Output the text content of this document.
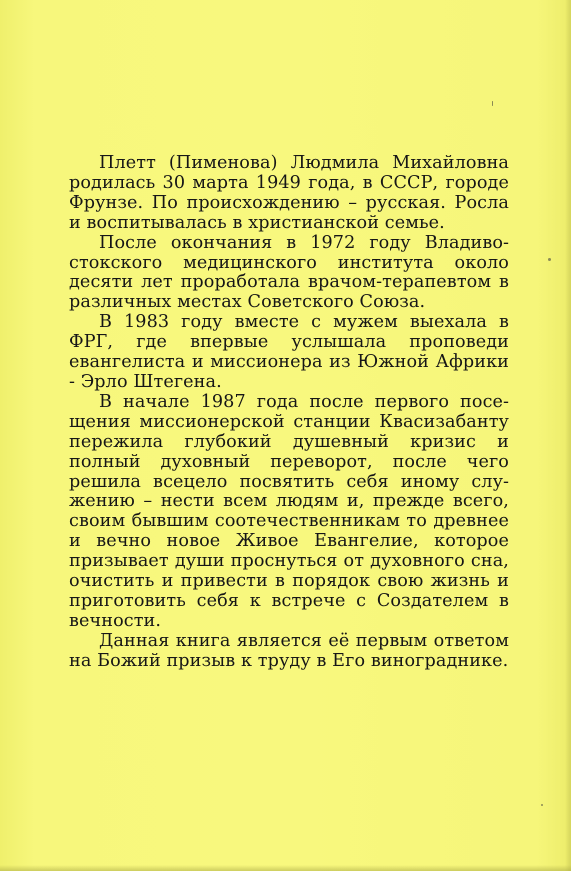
Плетт (Пименова) Людмила Михайловна родилась 30 марта 1949 года, в СССР, городе Фрунзе. По происхождению – русская. Росла и воспитывалась в христианской семье.

После окончания в 1972 году Владивостокского медицинского института около десяти лет проработала врачом-терапевтом в различных местах Советского Союза.

В 1983 году вместе с мужем выехала в ФРГ, где впервые услышала проповеди евангелиста и миссионера из Южной Африки - Эрло Штегена.

В начале 1987 года после первого посещения миссионерской станции Квасизабанту пережила глубокий душевный кризис и полный духовный переворот, после чего решила всецело посвятить себя иному служению – нести всем людям и, прежде всего, своим бывшим соотечественникам то древнее и вечно новое Живое Евангелие, которое призывает души проснуться от духовного сна, очистить и привести в порядок свою жизнь и приготовить себя к встрече с Создателем в вечности.

Данная книга является её первым ответом на Божий призыв к труду в Его винограднике.
